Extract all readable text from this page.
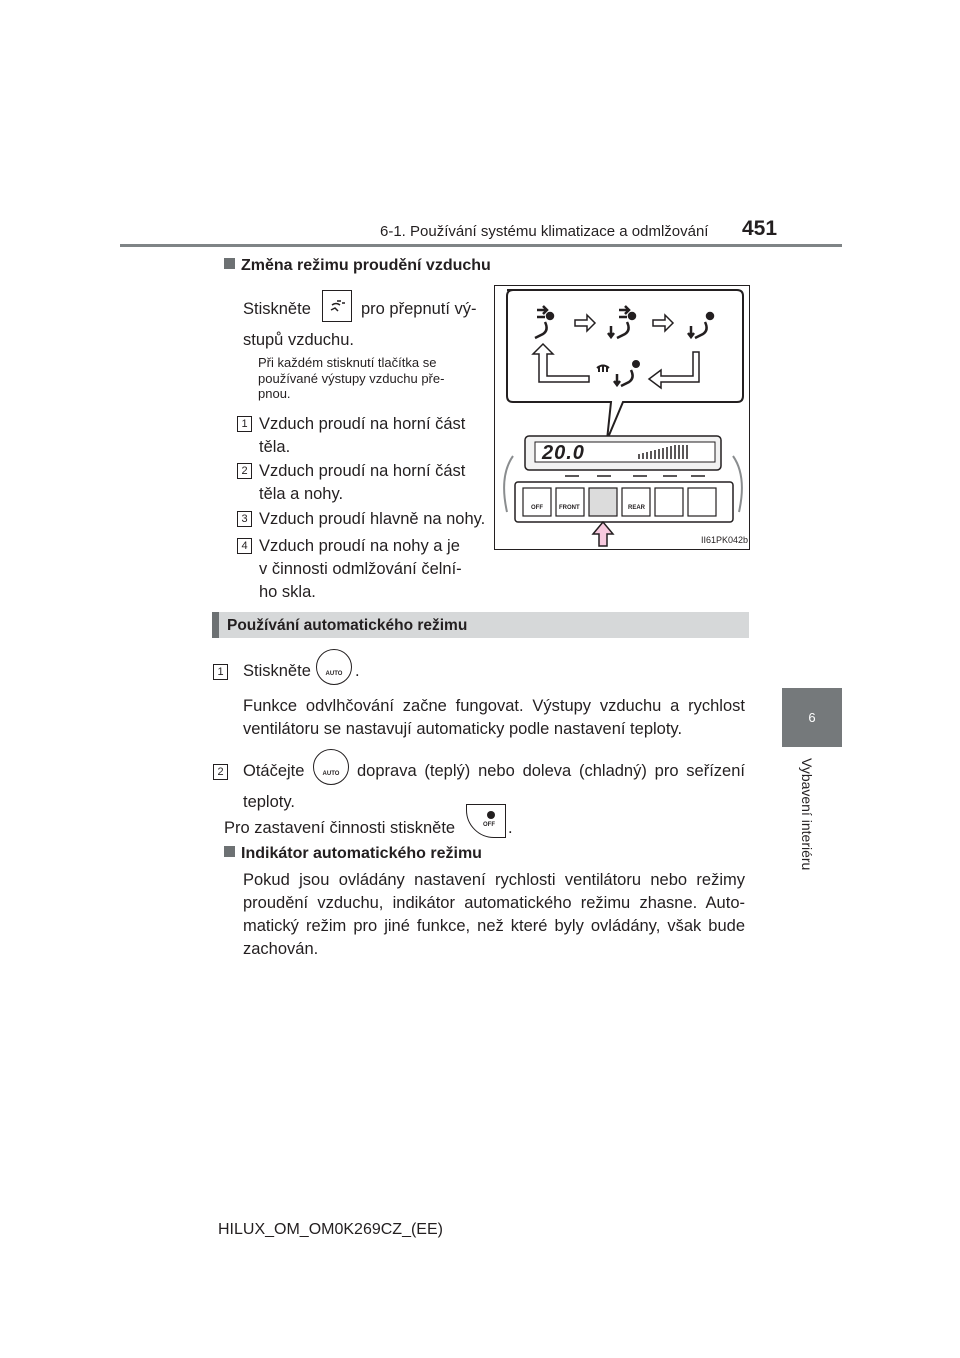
6-1. Používání systému klimatizace a odmlžování 451
6
Vybavení interiéru
Změna režimu proudění vzduchu
Stiskněte	pro přepnutí vý-
stupů vzduchu.
Při každém stisknutí tlačítka se
používané výstupy vzduchu pře-
pnou.
1 Vzduch proudí na horní část
těla.
2 Vzduch proudí na horní část
těla a nohy.
3 Vzduch proudí hlavně na nohy.
4 Vzduch proudí na nohy a je
v činnosti odmlžování čelní-
ho skla.
20.0
OFF	FRONT	REAR
II61PK042b
Používání automatického režimu
1 Stiskněte	$_{AUTO}$ .
Funkce odvlhčování začne fungovat. Výstupy vzduchu a rychlost
ventilátoru se nastavují automaticky podle nastavení teploty.
2 Otáčejte	$_{AUTO}$	doprava (teplý) nebo doleva (chladný) pro seřízení
teploty.
Pro zastavení činnosti stiskněte	OFF .
Indikátor automatického režimu
Pokud jsou ovládány nastavení rychlosti ventilátoru nebo režimy
proudění vzduchu, indikátor automatického režimu zhasne. Auto-
matický režim pro jiné funkce, než které byly ovládány, však bude
zachován.
HILUX_OM_OM0K269CZ_(EE)
